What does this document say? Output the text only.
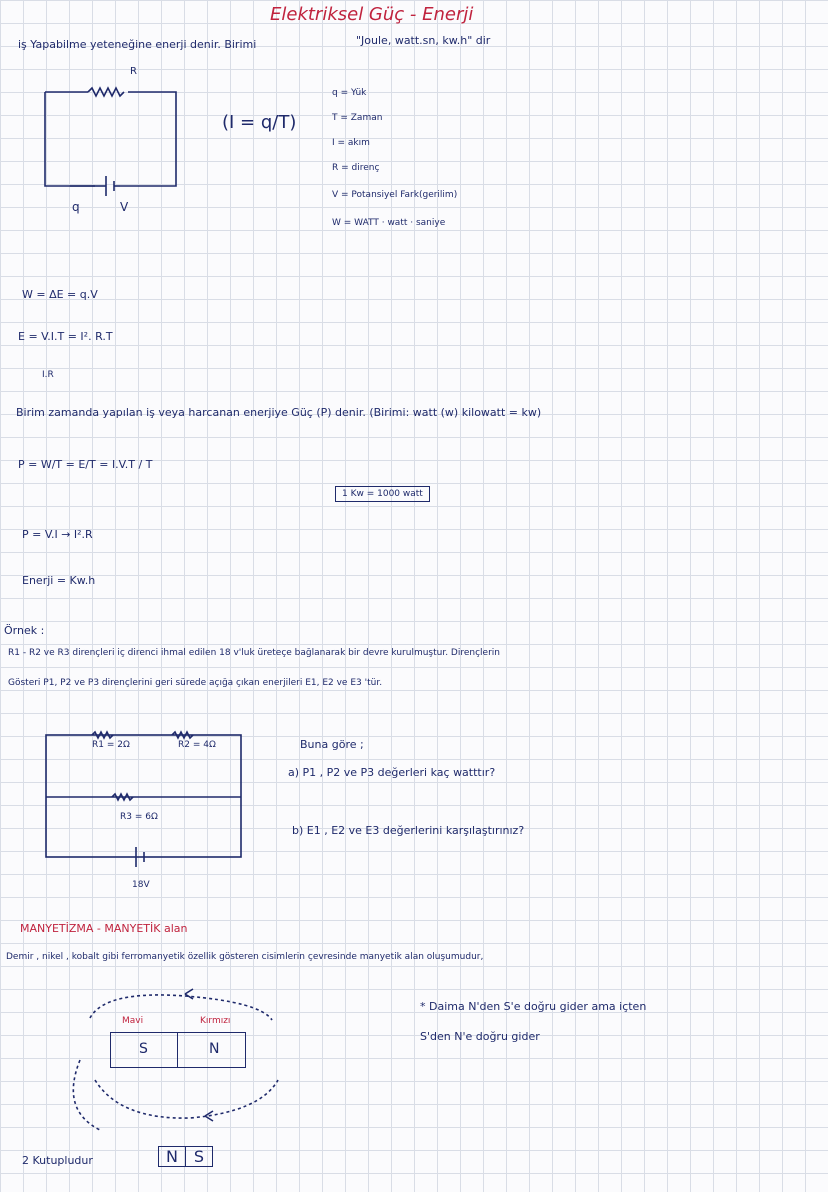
Elektriksel Güç - Enerji
iş Yapabilme yeteneğine enerji denir. Birimi	"Joule, watt.sn, kw.h" dir
R
q	V
(I = q/T)
q = Yük
T = Zaman
I = akım
R = direnç
V = Potansiyel Fark(gerilim)
W = WATT · watt · saniye
W = ΔE = q.V
E = V.I.T = I². R.T
I.R
Birim zamanda yapılan iş veya harcanan enerjiye Güç (P) denir. (Birimi: watt (w) kilowatt = kw)
P = W/T = E/T = I.V.T / T
1 Kw = 1000 watt
P = V.I → I².R
Enerji = Kw.h
Örnek :
R1 - R2 ve R3 dirençleri iç direnci ihmal edilen 18 v'luk üreteçe bağlanarak bir devre kurulmuştur. Dirençlerin
Gösteri P1, P2 ve P3 dirençlerini geri sürede açığa çıkan enerjileri E1, E2 ve E3 'tür.
R1 = 2Ω	R2 = 4Ω
R3 = 6Ω
18V
Buna göre ;
a) P1 , P2 ve P3 değerleri kaç watttır?
b) E1 , E2 ve E3 değerlerini karşılaştırınız?
MANYETİZMA - MANYETİK alan
Demir , nikel , kobalt gibi ferromanyetik özellik gösteren cisimlerin çevresinde manyetik alan oluşumudur,
* Daima N'den S'e doğru gider ama içten
S'den N'e doğru gider
Mavi	Kırmızı
S	N
2 Kutupludur	N S
